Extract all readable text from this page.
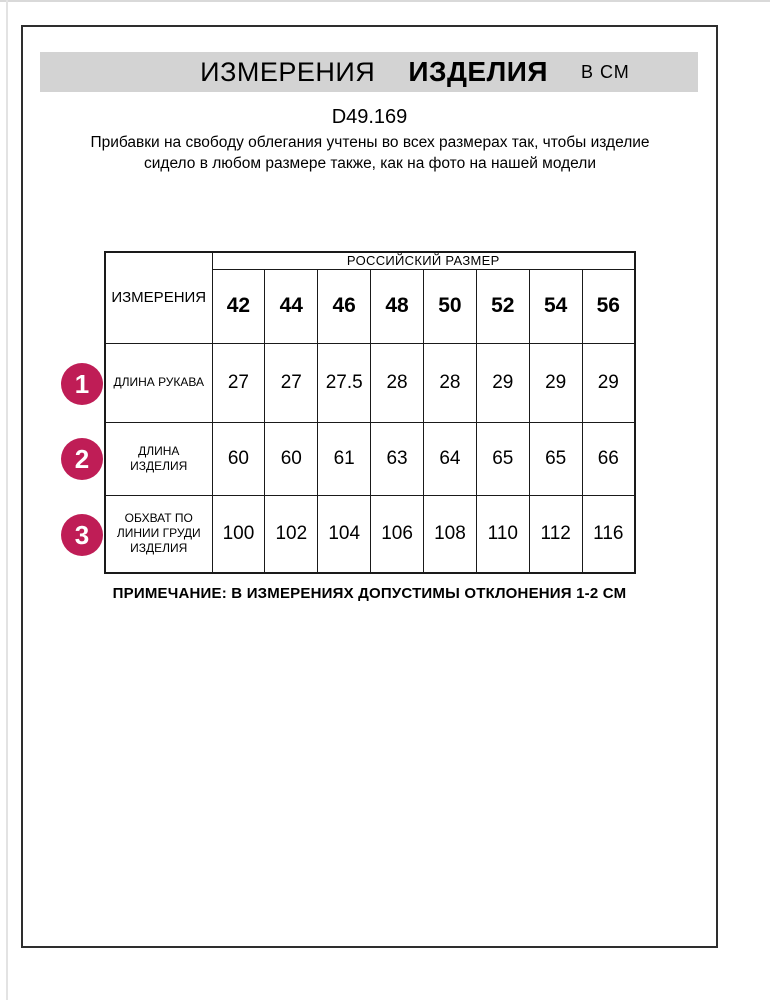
ИЗМЕРЕНИЯ ИЗДЕЛИЯ В СМ
D49.169
Прибавки на свободу облегания учтены во всех размерах так, чтобы изделие сидело в любом размере также, как на фото на нашей модели
ИЗМЕРЕНИЯ	РОССИЙСКИЙ РАЗМЕР							
	42	44	46	48	50	52	54	56
ДЛИНА РУКАВА	27	27	27.5	28	28	29	29	29
ДЛИНА ИЗДЕЛИЯ	60	60	61	63	64	65	65	66
ОБХВАТ ПО ЛИНИИ ГРУДИ ИЗДЕЛИЯ	100	102	104	106	108	110	112	116
1
2
3
ПРИМЕЧАНИЕ: В ИЗМЕРЕНИЯХ ДОПУСТИМЫ ОТКЛОНЕНИЯ 1-2 СМ
